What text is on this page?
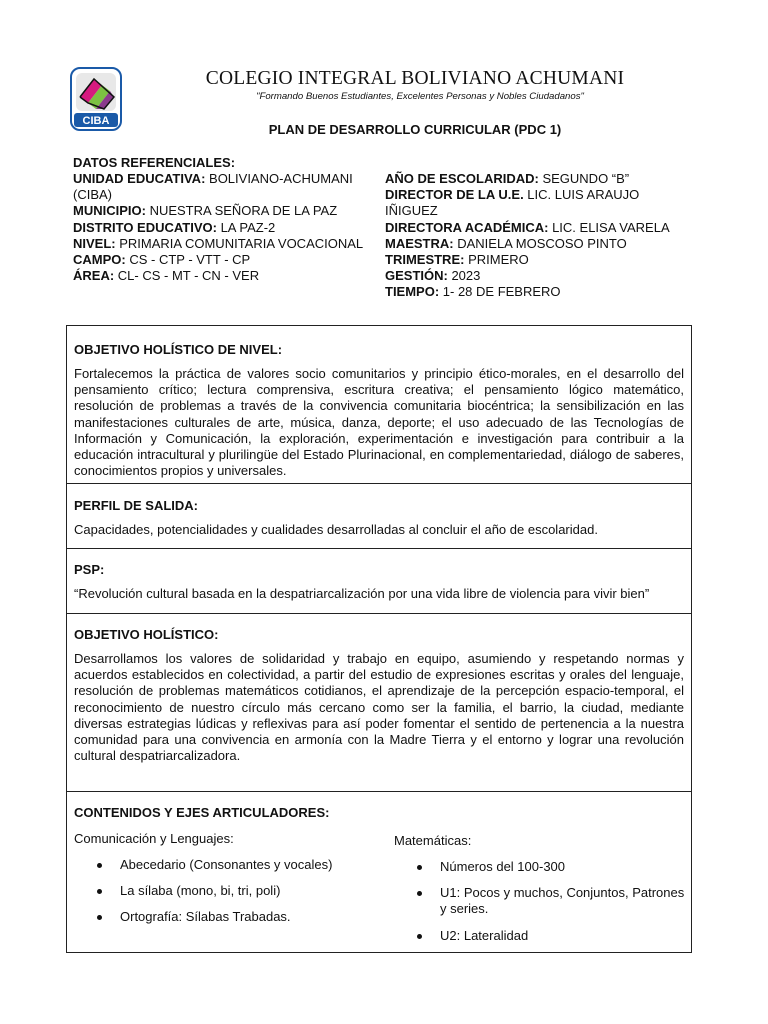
CIBA
COLEGIO INTEGRAL BOLIVIANO ACHUMANI
"Formando Buenos Estudiantes, Excelentes Personas y Nobles Ciudadanos"
PLAN DE DESARROLLO CURRICULAR (PDC 1)
DATOS REFERENCIALES:
UNIDAD EDUCATIVA: BOLIVIANO-ACHUMANI (CIBA)
MUNICIPIO: NUESTRA SEÑORA DE LA PAZ
DISTRITO EDUCATIVO: LA PAZ-2
NIVEL: PRIMARIA COMUNITARIA VOCACIONAL
CAMPO: CS - CTP - VTT - CP
ÁREA: CL- CS - MT - CN - VER
AÑO DE ESCOLARIDAD: SEGUNDO “B”
DIRECTOR DE LA U.E. LIC. LUIS ARAUJO IÑIGUEZ
DIRECTORA ACADÉMICA: LIC. ELISA VARELA
MAESTRA: DANIELA MOSCOSO PINTO
TRIMESTRE: PRIMERO
GESTIÓN: 2023
TIEMPO: 1- 28 DE FEBRERO
OBJETIVO HOLÍSTICO DE NIVEL:
Fortalecemos la práctica de valores socio comunitarios y principio ético-morales, en el desarrollo del pensamiento crítico; lectura comprensiva, escritura creativa; el pensamiento lógico matemático, resolución de problemas a través de la convivencia comunitaria biocéntrica; la sensibilización en las manifestaciones culturales de arte, música, danza, deporte; el uso adecuado de las Tecnologías de Información y Comunicación, la exploración, experimentación e investigación para contribuir a la educación intracultural y plurilingüe del Estado Plurinacional, en complementariedad, diálogo de saberes, conocimientos propios y universales.
PERFIL DE SALIDA:
Capacidades, potencialidades y cualidades desarrolladas al concluir el año de escolaridad.
PSP:
“Revolución cultural basada en la despatriarcalización por una vida libre de violencia para vivir bien”
OBJETIVO HOLÍSTICO:
Desarrollamos los valores de solidaridad y trabajo en equipo, asumiendo y respetando normas y acuerdos establecidos en colectividad, a partir del estudio de expresiones escritas y orales del lenguaje, resolución de problemas matemáticos cotidianos, el aprendizaje de la percepción espacio-temporal, el reconocimiento de nuestro círculo más cercano como ser la familia, el barrio, la ciudad, mediante diversas estrategias lúdicas y reflexivas para así poder fomentar el sentido de pertenencia a la nuestra comunidad para una convivencia en armonía con la Madre Tierra y el entorno y lograr una revolución cultural despatriarcalizadora.
CONTENIDOS Y EJES ARTICULADORES:
Comunicación y Lenguajes:
Abecedario (Consonantes y vocales)
La sílaba (mono, bi, tri, poli)
Ortografía: Sílabas Trabadas.
Matemáticas:
Números del 100-300
U1: Pocos y muchos, Conjuntos, Patrones y series.
U2: Lateralidad
